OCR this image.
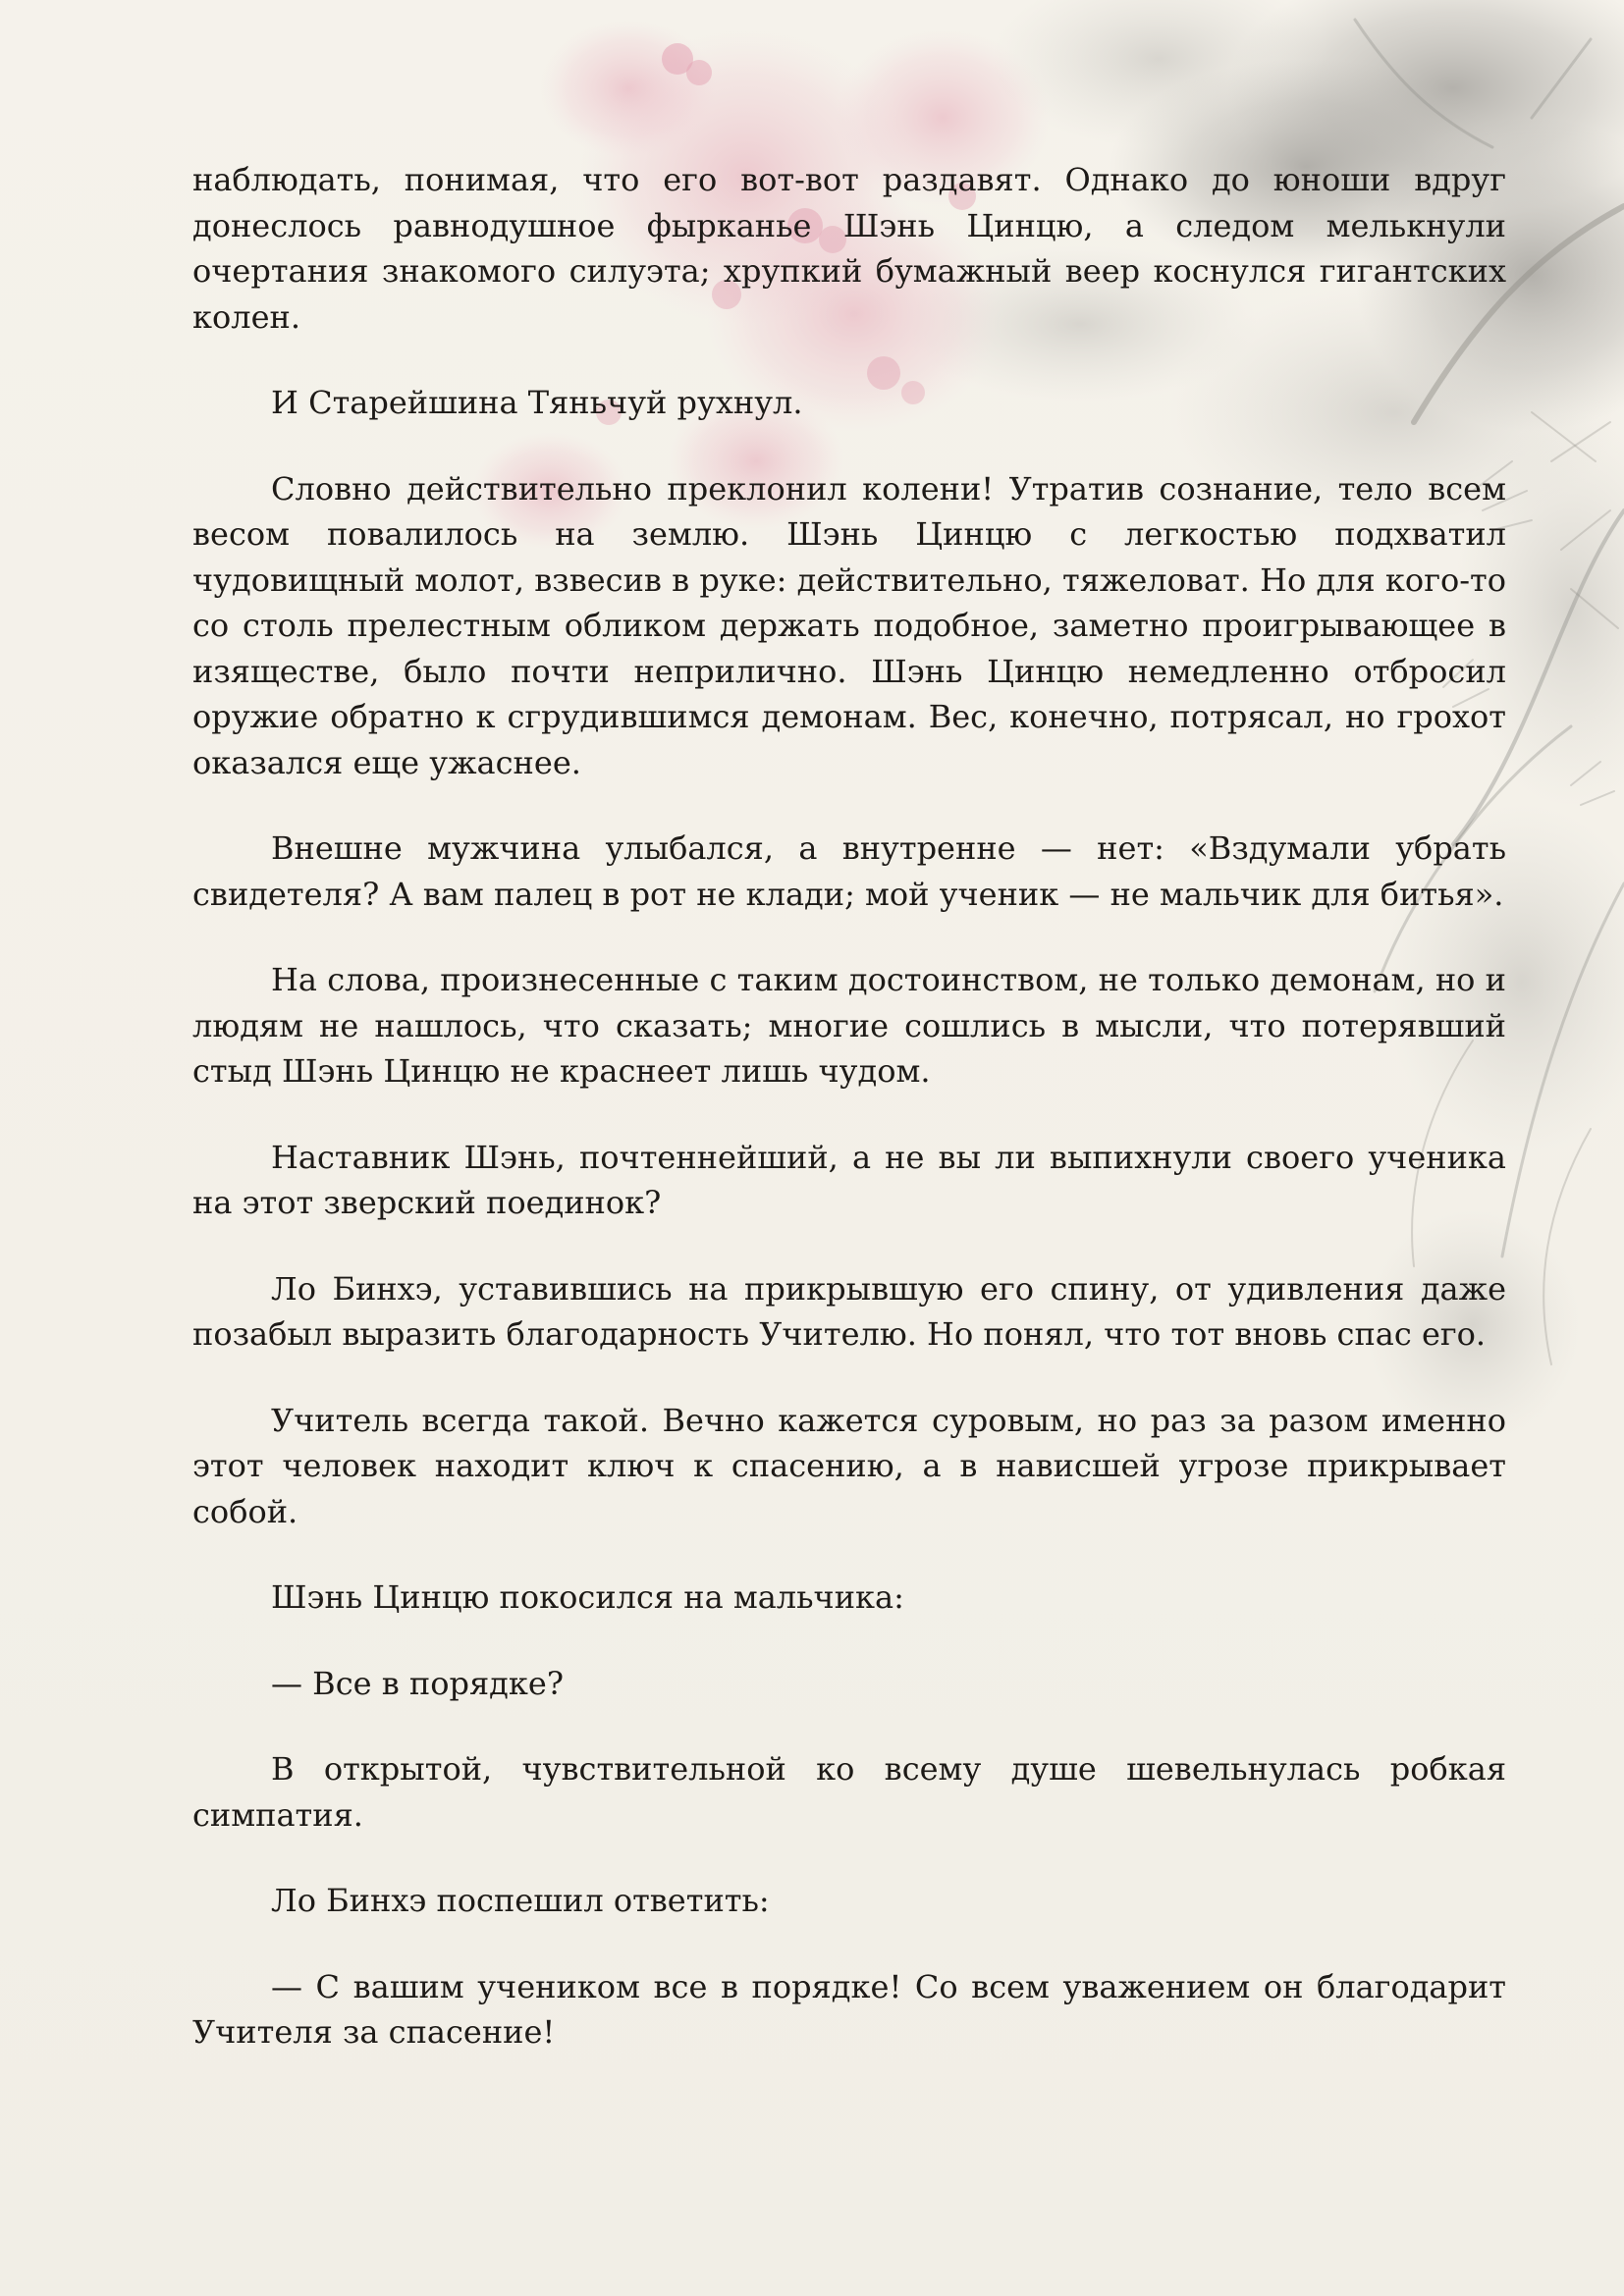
наблюдать, понимая, что его вот-вот раздавят. Однако до юноши вдруг донеслось равнодушное фырканье Шэнь Цинцю, а следом мелькнули очертания знакомого силуэта; хрупкий бумажный веер коснулся гигантских колен.

И Старейшина Тяньчуй рухнул.

Словно действительно преклонил колени! Утратив сознание, тело всем весом повалилось на землю. Шэнь Цинцю с легкостью подхватил чудовищный молот, взвесив в руке: действительно, тяжеловат. Но для кого-то со столь прелестным обликом держать подобное, заметно проигрывающее в изяществе, было почти неприлично. Шэнь Цинцю немедленно отбросил оружие обратно к сгрудившимся демонам. Вес, конечно, потрясал, но грохот оказался еще ужаснее.

Внешне мужчина улыбался, а внутренне — нет: «Вздумали убрать свидетеля? А вам палец в рот не клади; мой ученик — не мальчик для битья».

На слова, произнесенные с таким достоинством, не только демонам, но и людям не нашлось, что сказать; многие сошлись в мысли, что потерявший стыд Шэнь Цинцю не краснеет лишь чудом.

Наставник Шэнь, почтеннейший, а не вы ли выпихнули своего ученика на этот зверский поединок?

Ло Бинхэ, уставившись на прикрывшую его спину, от удивления даже позабыл выразить благодарность Учителю. Но понял, что тот вновь спас его.

Учитель всегда такой. Вечно кажется суровым, но раз за разом именно этот человек находит ключ к спасению, а в нависшей угрозе прикрывает собой.

Шэнь Цинцю покосился на мальчика:

— Все в порядке?

В открытой, чувствительной ко всему душе шевельнулась робкая симпатия.

Ло Бинхэ поспешил ответить:

— С вашим учеником все в порядке! Со всем уважением он благодарит Учителя за спасение!
